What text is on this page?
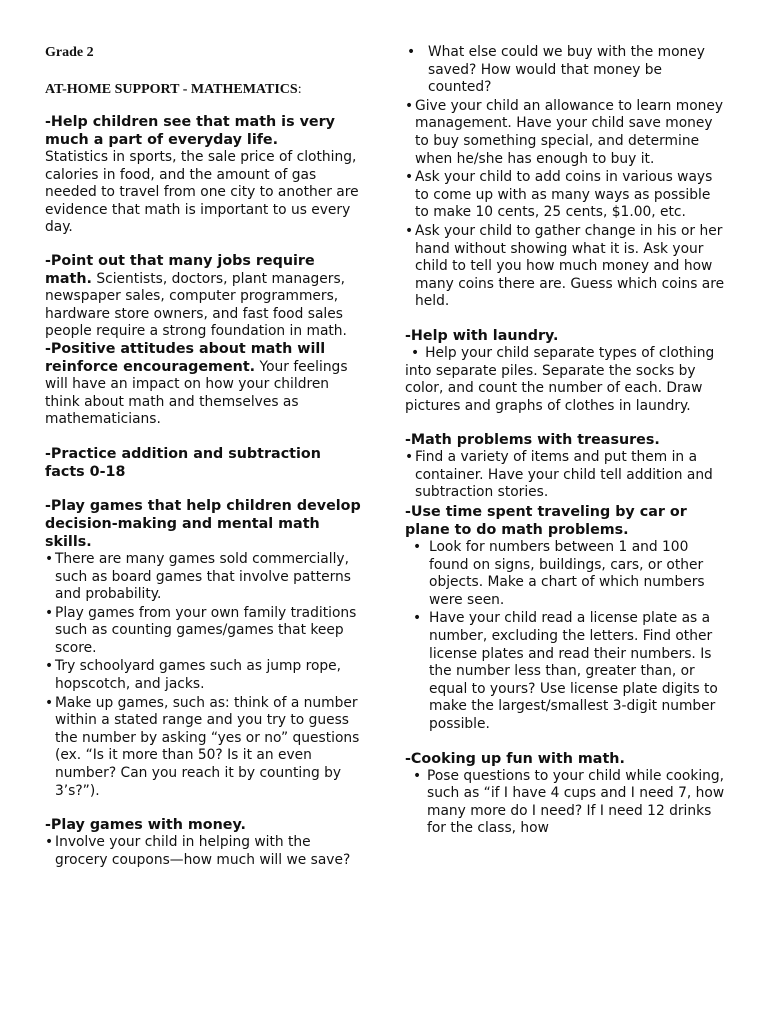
Grade 2

AT-HOME SUPPORT - MATHEMATICS:

-Help children see that math is very much a part of everyday life.

Statistics in sports, the sale price of clothing, calories in food, and the amount of gas needed to travel from one city to another are evidence that math is important to us every day.

-Point out that many jobs require math. Scientists, doctors, plant managers, newspaper sales, computer programmers, hardware store owners, and fast food sales people require a strong foundation in math.

-Positive attitudes about math will reinforce encouragement. Your feelings will have an impact on how your children think about math and themselves as mathematicians.

-Practice addition and subtraction facts 0-18

-Play games that help children develop decision-making and mental math skills.

• There are many games sold commercially, such as board games that involve patterns and probability.
• Play games from your own family traditions such as counting games/games that keep score.
• Try schoolyard games such as jump rope, hopscotch, and jacks.
• Make up games, such as: think of a number within a stated range and you try to guess the number by asking “yes or no” questions (ex. “Is it more than 50? Is it an even number? Can you reach it by counting by 3’s?”).

-Play games with money.

• Involve your child in helping with the grocery coupons—how much will we save?
• What else could we buy with the money saved? How would that money be counted?
• Give your child an allowance to learn money management. Have your child save money to buy something special, and determine when he/she has enough to buy it.
• Ask your child to add coins in various ways to come up with as many ways as possible to make 10 cents, 25 cents, $1.00, etc.
• Ask your child to gather change in his or her hand without showing what it is. Ask your child to tell you how much money and how many coins there are. Guess which coins are held.

-Help with laundry.

• Help your child separate types of clothing into separate piles. Separate the socks by color, and count the number of each. Draw pictures and graphs of clothes in laundry.

-Math problems with treasures.

• Find a variety of items and put them in a container. Have your child tell addition and subtraction stories.

-Use time spent traveling by car or plane to do math problems.

• Look for numbers between 1 and 100 found on signs, buildings, cars, or other objects. Make a chart of which numbers were seen.
• Have your child read a license plate as a number, excluding the letters. Find other license plates and read their numbers. Is the number less than, greater than, or equal to yours? Use license plate digits to make the largest/smallest 3-digit number possible.

-Cooking up fun with math.

• Pose questions to your child while cooking, such as “if I have 4 cups and I need 7, how many more do I need? If I need 12 drinks for the class, how
